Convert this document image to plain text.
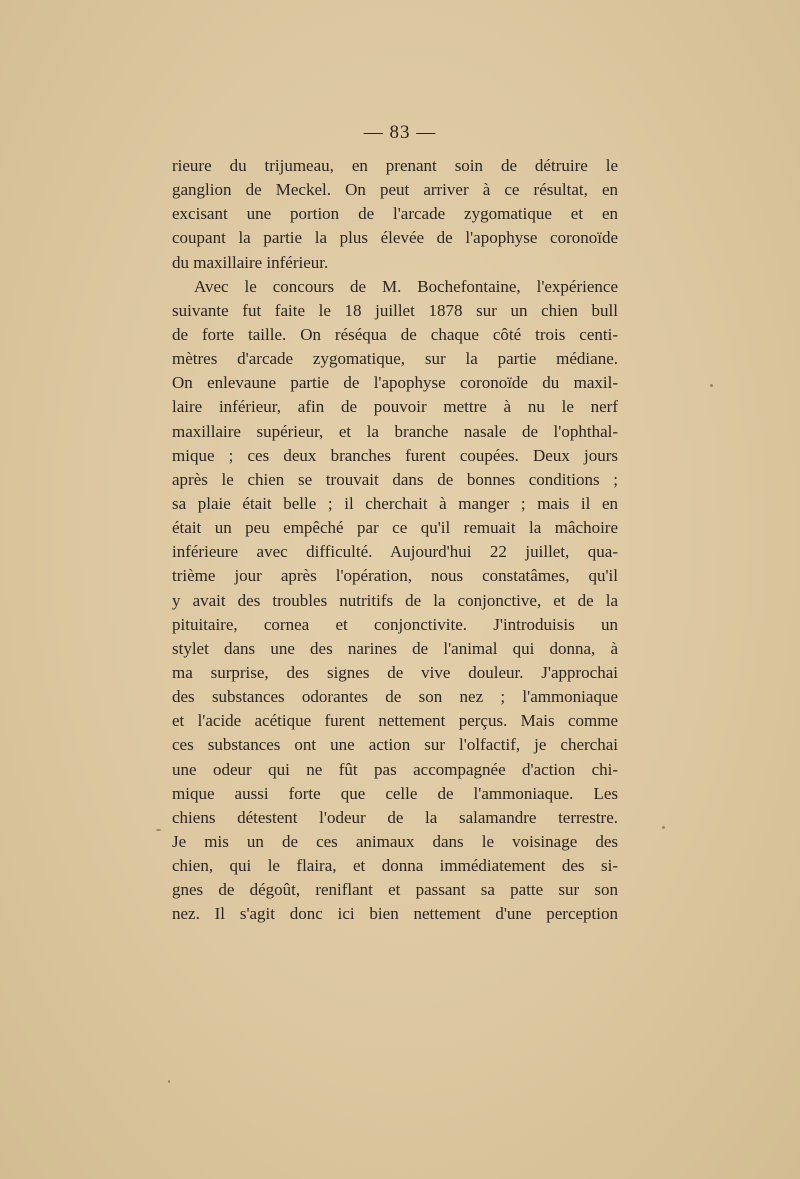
— 83 —
rieure du trijumeau, en prenant soin de détruire le
ganglion de Meckel. On peut arriver à ce résultat, en
excisant une portion de l'arcade zygomatique et en
coupant la partie la plus élevée de l'apophyse coronoïde
du maxillaire inférieur.
Avec le concours de M. Bochefontaine, l'expérience
suivante fut faite le 18 juillet 1878 sur un chien bull
de forte taille. On réséqua de chaque côté trois centi-
mètres d'arcade zygomatique, sur la partie médiane.
On enlevaune partie de l'apophyse coronoïde du maxil-
laire inférieur, afin de pouvoir mettre à nu le nerf
maxillaire supérieur, et la branche nasale de l'ophthal-
mique ; ces deux branches furent coupées. Deux jours
après le chien se trouvait dans de bonnes conditions ;
sa plaie était belle ; il cherchait à manger ; mais il en
était un peu empêché par ce qu'il remuait la mâchoire
inférieure avec difficulté. Aujourd'hui 22 juillet, qua-
trième jour après l'opération, nous constatâmes, qu'il
y avait des troubles nutritifs de la conjonctive, et de la
pituitaire, cornea et conjonctivite. J'introduisis un
stylet dans une des narines de l'animal qui donna, à
ma surprise, des signes de vive douleur. J'approchai
des substances odorantes de son nez ; l'ammoniaque
et l'acide acétique furent nettement perçus. Mais comme
ces substances ont une action sur l'olfactif, je cherchai
une odeur qui ne fût pas accompagnée d'action chi-
mique aussi forte que celle de l'ammoniaque. Les
chiens détestent l'odeur de la salamandre terrestre.
Je mis un de ces animaux dans le voisinage des
chien, qui le flaira, et donna immédiatement des si-
gnes de dégoût, reniflant et passant sa patte sur son
nez. Il s'agit donc ici bien nettement d'une perception
